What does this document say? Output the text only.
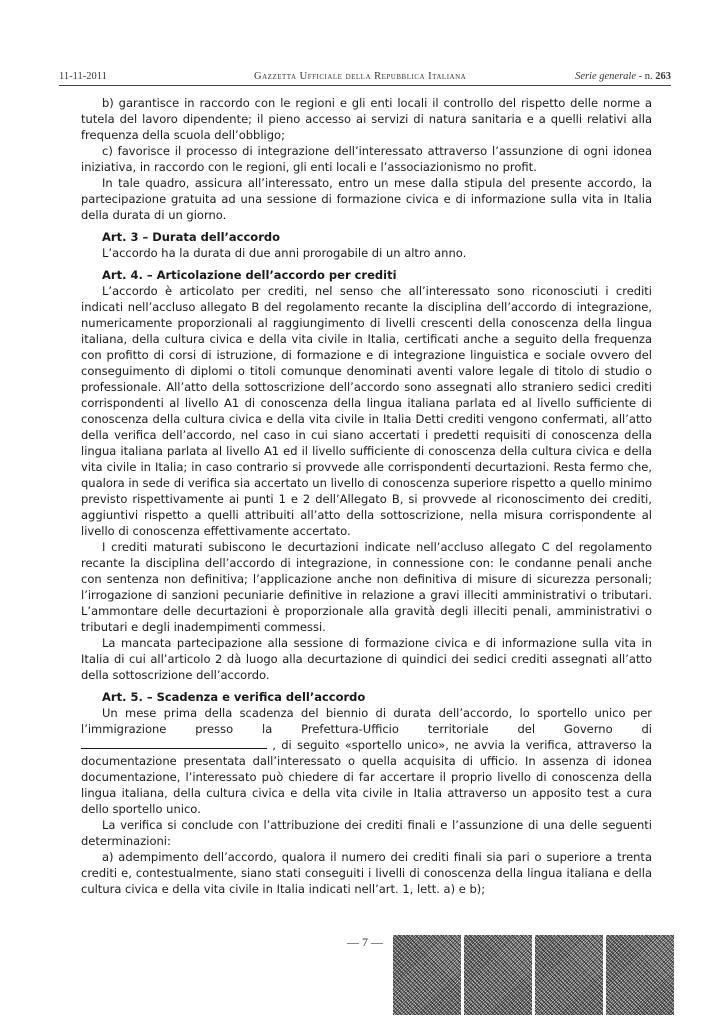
11-11-2011	Gazzetta Ufficiale della Repubblica Italiana	Serie generale - n. 263

b) garantisce in raccordo con le regioni e gli enti locali il controllo del rispetto delle norme a tutela del lavoro dipendente; il pieno accesso ai servizi di natura sanitaria e a quelli relativi alla frequenza della scuola dell’obbligo;

c) favorisce il processo di integrazione dell’interessato attraverso l’assunzione di ogni idonea iniziativa, in raccordo con le regioni, gli enti locali e l’associazionismo no profit.

In tale quadro, assicura all’interessato, entro un mese dalla stipula del presente accordo, la partecipazione gratuita ad una sessione di formazione civica e di informazione sulla vita in Italia della durata di un giorno.

Art. 3 – Durata dell’accordo

L’accordo ha la durata di due anni prorogabile di un altro anno.

Art. 4. – Articolazione dell’accordo per crediti

L’accordo è articolato per crediti, nel senso che all’interessato sono riconosciuti i crediti indicati nell’accluso allegato B del regolamento recante la disciplina dell’accordo di integrazione, numericamente proporzionali al raggiungimento di livelli crescenti della conoscenza della lingua italiana, della cultura civica e della vita civile in Italia, certificati anche a seguito della frequenza con profitto di corsi di istruzione, di formazione e di integrazione linguistica e sociale ovvero del conseguimento di diplomi o titoli comunque denominati aventi valore legale di titolo di studio o professionale. All’atto della sottoscrizione dell’accordo sono assegnati allo straniero sedici crediti corrispondenti al livello A1 di conoscenza della lingua italiana parlata ed al livello sufficiente di conoscenza della cultura civica e della vita civile in Italia Detti crediti vengono confermati, all’atto della verifica dell’accordo, nel caso in cui siano accertati i predetti requisiti di conoscenza della lingua italiana parlata al livello A1 ed il livello sufficiente di conoscenza della cultura civica e della vita civile in Italia; in caso contrario si provvede alle corrispondenti decurtazioni. Resta fermo che, qualora in sede di verifica sia accertato un livello di conoscenza superiore rispetto a quello minimo previsto rispettivamente ai punti 1 e 2 dell’Allegato B, si provvede al riconoscimento dei crediti, aggiuntivi rispetto a quelli attribuiti all’atto della sottoscrizione, nella misura corrispondente al livello di conoscenza effettivamente accertato.

I crediti maturati subiscono le decurtazioni indicate nell’accluso allegato C del regolamento recante la disciplina dell’accordo di integrazione, in connessione con: le condanne penali anche con sentenza non definitiva; l’applicazione anche non definitiva di misure di sicurezza personali; l’irrogazione di sanzioni pecuniarie definitive in relazione a gravi illeciti amministrativi o tributari. L’ammontare delle decurtazioni è proporzionale alla gravità degli illeciti penali, amministrativi o tributari e degli inadempimenti commessi.

La mancata partecipazione alla sessione di formazione civica e di informazione sulla vita in Italia di cui all’articolo 2 dà luogo alla decurtazione di quindici dei sedici crediti assegnati all’atto della sottoscrizione dell’accordo.

Art. 5. – Scadenza e verifica dell’accordo

Un mese prima della scadenza del biennio di durata dell’accordo, lo sportello unico per l’immigrazione presso la Prefettura-Ufficio territoriale del Governo di  , di seguito «sportello unico», ne avvia la verifica, attraverso la documentazione presentata dall’interessato o quella acquisita di ufficio. In assenza di idonea documentazione, l’interessato può chiedere di far accertare il proprio livello di conoscenza della lingua italiana, della cultura civica e della vita civile in Italia attraverso un apposito test a cura dello sportello unico.

La verifica si conclude con l’attribuzione dei crediti finali e l’assunzione di una delle seguenti determinazioni:

a) adempimento dell’accordo, qualora il numero dei crediti finali sia pari o superiore a trenta crediti e, contestualmente, siano stati conseguiti i livelli di conoscenza della lingua italiana e della cultura civica e della vita civile in Italia indicati nell’art. 1, lett. a) e b);

— 7 —
